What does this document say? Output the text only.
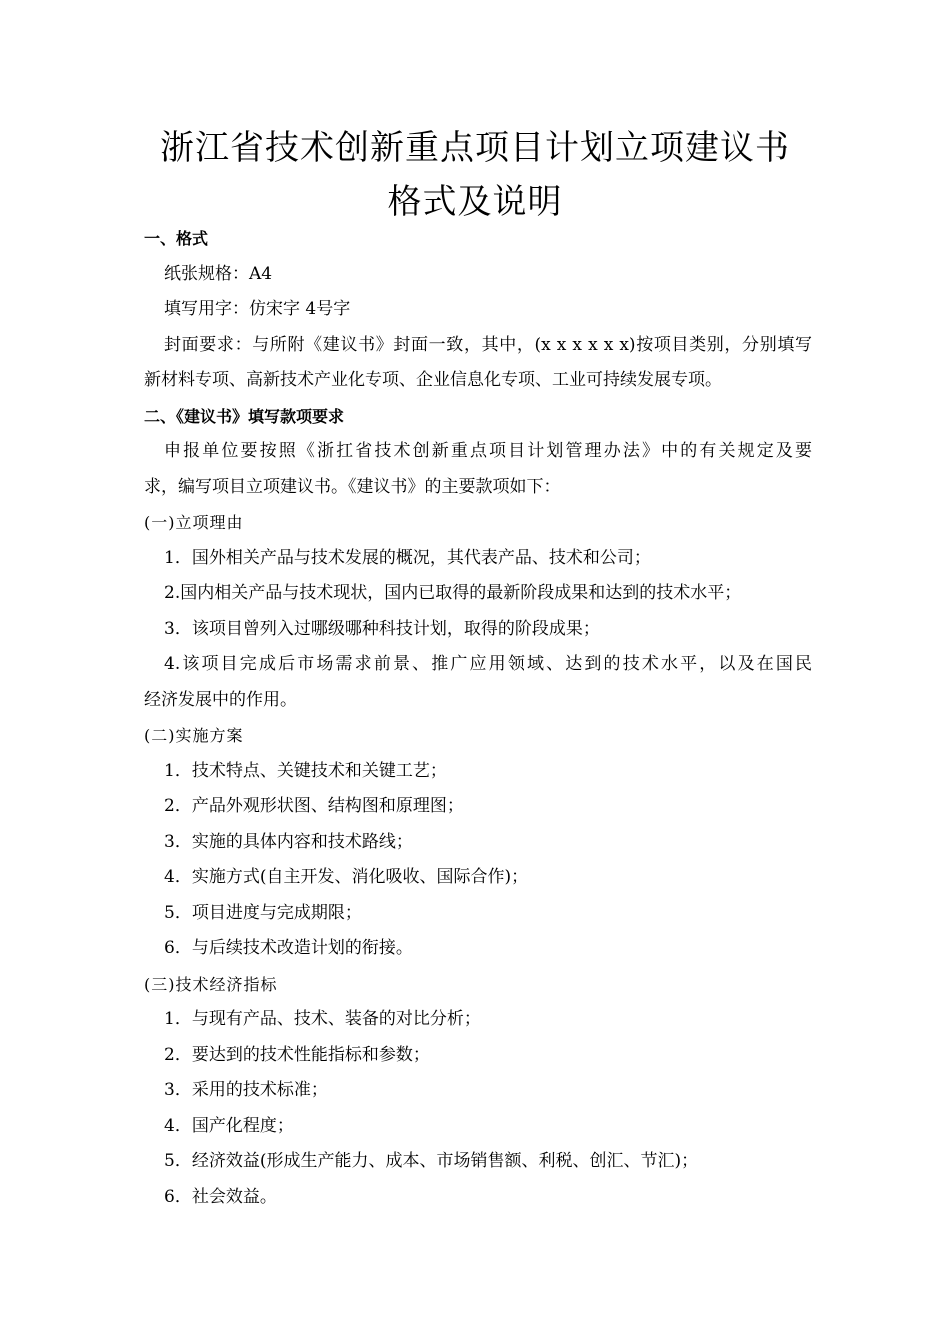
浙江省技术创新重点项目计划立项建议书
格式及说明
一、格式
纸张规格：A4
填写用字：仿宋字 4号字
封面要求：与所附《建议书》封面一致，其中，(x x x x x x)按项目类别，分别填写
新材料专项、高新技术产业化专项、企业信息化专项、工业可持续发展专项。
二、《建议书》填写款项要求
申报单位要按照《浙扛省技术创新重点项目计划管理办法》中的有关规定及要
求，编写项目立项建议书。《建议书》的主要款项如下：
(一)立项理由
1．国外相关产品与技术发展的概况，其代表产品、技术和公司；
2.国内相关产品与技术现状，国内已取得的最新阶段成果和达到的技术水平；
3．该项目曾列入过哪级哪种科技计划，取得的阶段成果；
4.该项目完成后市场需求前景、推广应用领域、达到的技术水平，以及在国民
经济发展中的作用。
(二)实施方案
1．技术特点、关键技术和关键工艺；
2．产品外观形状图、结构图和原理图；
3．实施的具体内容和技术路线；
4．实施方式(自主开发、消化吸收、国际合作)；
5．项目进度与完成期限；
6．与后续技术改造计划的衔接。
(三)技术经济指标
1．与现有产品、技术、装备的对比分析；
2．要达到的技术性能指标和参数；
3．采用的技术标准；
4．国产化程度；
5．经济效益(形成生产能力、成本、市场销售额、利税、创汇、节汇)；
6．社会效益。
